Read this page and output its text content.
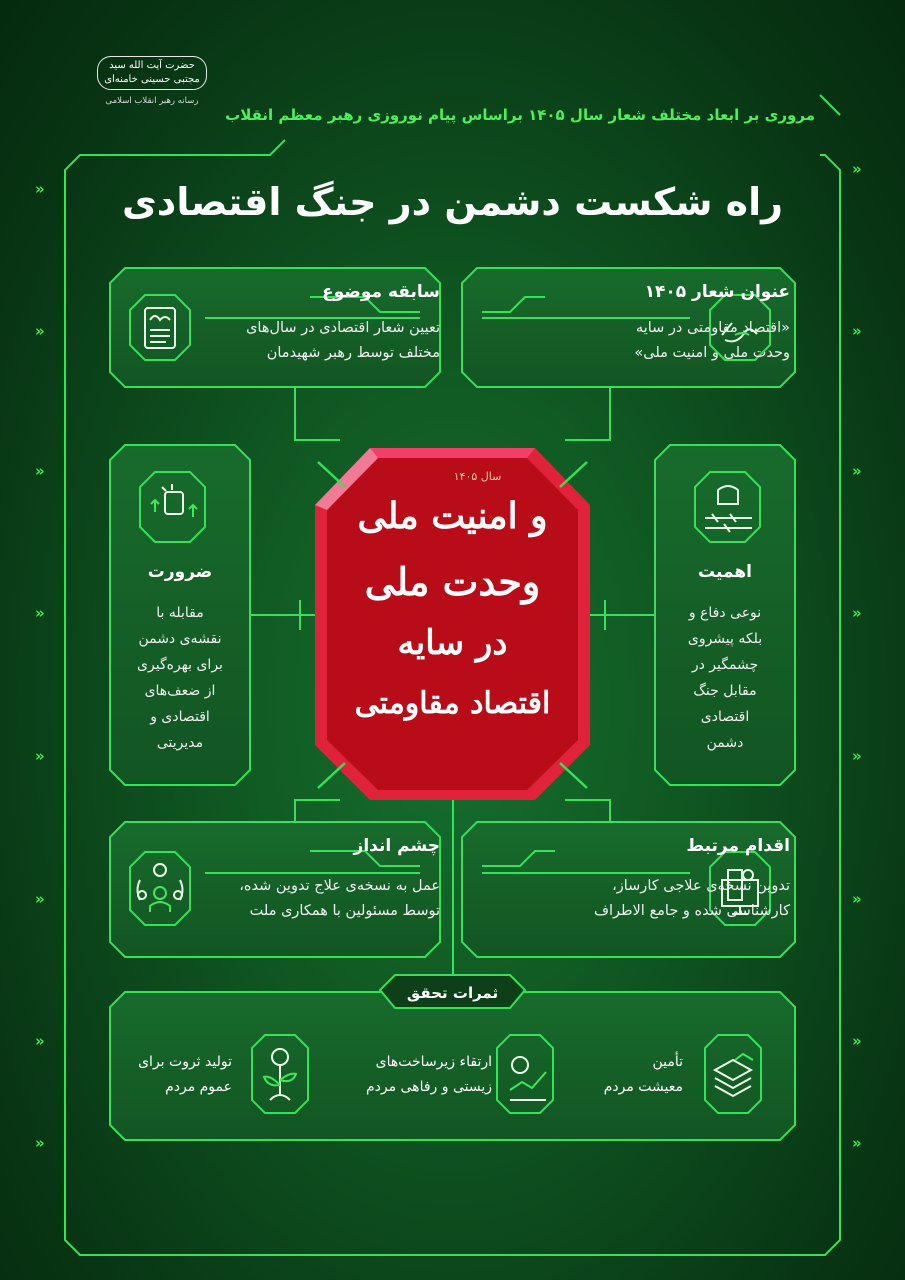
حضرت آیت الله سید مجتبی حسینی خامنه‌ای
رسانه رهبر انقلاب اسلامی
مروری بر ابعاد مختلف شعار سال ۱۴۰۵ براساس پیام نوروزی رهبر معظم انقلاب
راه شکست دشمن در جنگ اقتصادی
»
»
»
»
»
»
»
»
»
»
»
»
»
»
»
»
عنوان شعار ۱۴۰۵
«اقتصاد مقاومتی در سایه
وحدت ملی و امنیت ملی»
سابقه موضوع
تعیین شعار اقتصادی در سال‌های
مختلف توسط رهبر شهیدمان
ضرورت
مقابله با
نقشه‌ی دشمن
برای بهره‌گیری
از ضعف‌های
اقتصادی و
مدیریتی
اهمیت
نوعی دفاع و
بلکه پیشروی
چشمگیر در
مقابل جنگ
اقتصادی
دشمن
سال ۱۴۰۵
و امنیت ملی
وحدت ملی
در سایه
اقتصاد مقاومتی
اقدام مرتبط
تدوین نسخه‌ی علاجی کارساز،
کارشناسی شده و جامع الاطراف
چشم انداز
عمل به نسخه‌ی علاج تدوین شده،
توسط مسئولین با همکاری ملت
ثمرات تحقق
تأمین
معیشت مردم
ارتقاء زیرساخت‌های
زیستی و رفاهی مردم
تولید ثروت برای
عموم مردم
